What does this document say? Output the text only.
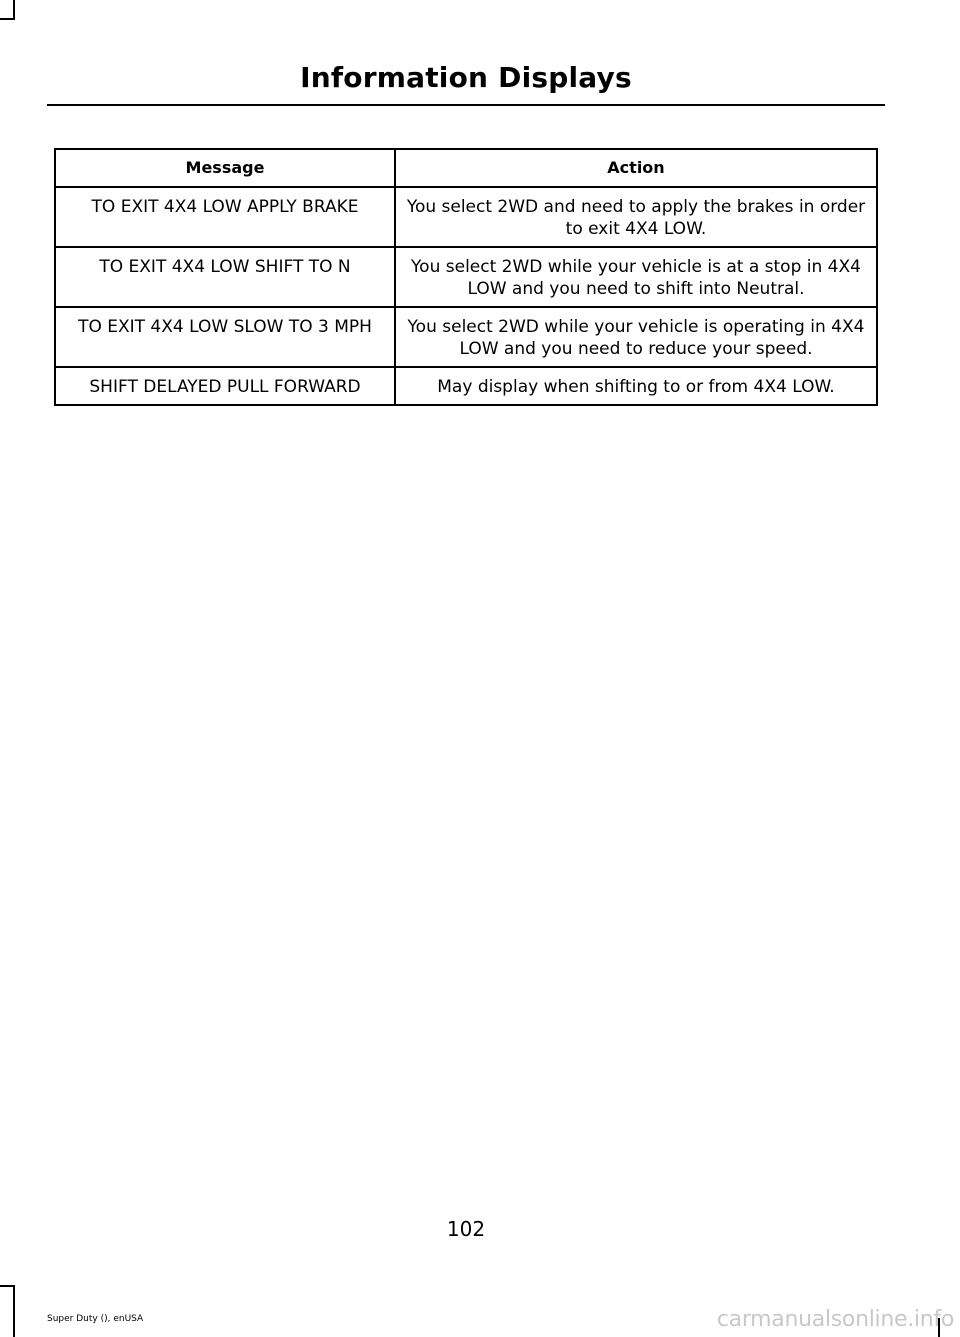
Information Displays
Message	Action
TO EXIT 4X4 LOW APPLY BRAKE	You select 2WD and need to apply the brakes in order to exit 4X4 LOW.
TO EXIT 4X4 LOW SHIFT TO N	You select 2WD while your vehicle is at a stop in 4X4 LOW and you need to shift into Neutral.
TO EXIT 4X4 LOW SLOW TO 3 MPH	You select 2WD while your vehicle is operating in 4X4 LOW and you need to reduce your speed.
SHIFT DELAYED PULL FORWARD	May display when shifting to or from 4X4 LOW.
102
Super Duty (), enUSA	carmanualsonline.info
